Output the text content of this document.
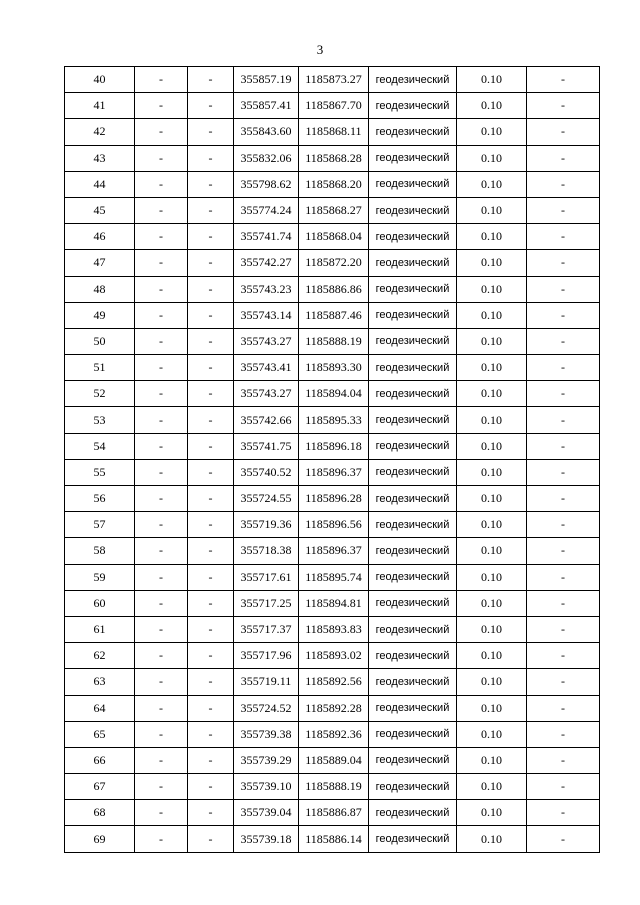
3
40	-	-	355857.19	1185873.27	геодезический	0.10	-
41	-	-	355857.41	1185867.70	геодезический	0.10	-
42	-	-	355843.60	1185868.11	геодезический	0.10	-
43	-	-	355832.06	1185868.28	геодезический	0.10	-
44	-	-	355798.62	1185868.20	геодезический	0.10	-
45	-	-	355774.24	1185868.27	геодезический	0.10	-
46	-	-	355741.74	1185868.04	геодезический	0.10	-
47	-	-	355742.27	1185872.20	геодезический	0.10	-
48	-	-	355743.23	1185886.86	геодезический	0.10	-
49	-	-	355743.14	1185887.46	геодезический	0.10	-
50	-	-	355743.27	1185888.19	геодезический	0.10	-
51	-	-	355743.41	1185893.30	геодезический	0.10	-
52	-	-	355743.27	1185894.04	геодезический	0.10	-
53	-	-	355742.66	1185895.33	геодезический	0.10	-
54	-	-	355741.75	1185896.18	геодезический	0.10	-
55	-	-	355740.52	1185896.37	геодезический	0.10	-
56	-	-	355724.55	1185896.28	геодезический	0.10	-
57	-	-	355719.36	1185896.56	геодезический	0.10	-
58	-	-	355718.38	1185896.37	геодезический	0.10	-
59	-	-	355717.61	1185895.74	геодезический	0.10	-
60	-	-	355717.25	1185894.81	геодезический	0.10	-
61	-	-	355717.37	1185893.83	геодезический	0.10	-
62	-	-	355717.96	1185893.02	геодезический	0.10	-
63	-	-	355719.11	1185892.56	геодезический	0.10	-
64	-	-	355724.52	1185892.28	геодезический	0.10	-
65	-	-	355739.38	1185892.36	геодезический	0.10	-
66	-	-	355739.29	1185889.04	геодезический	0.10	-
67	-	-	355739.10	1185888.19	геодезический	0.10	-
68	-	-	355739.04	1185886.87	геодезический	0.10	-
69	-	-	355739.18	1185886.14	геодезический	0.10	-
